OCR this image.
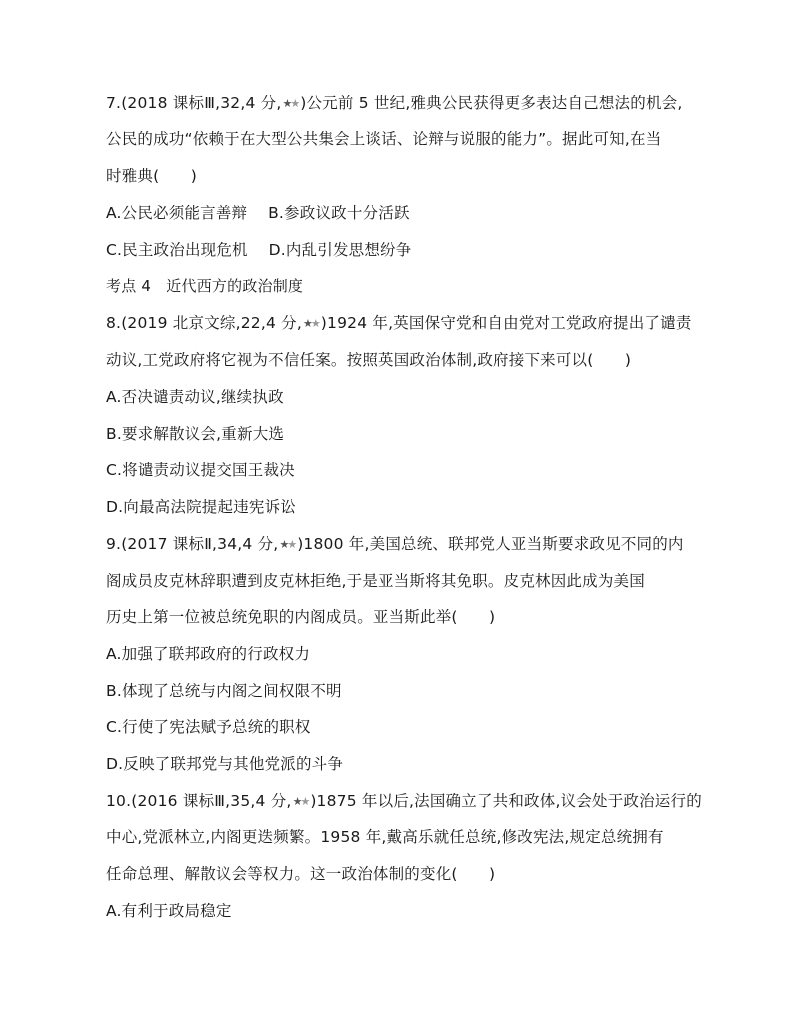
7.(2018 课标Ⅲ,32,4 分,★★ )公元前 5 世纪,雅典公民获得更多表达自己想法的机会,
公民的成功“依赖于在大型公共集会上谈话、论辩与说服的能力”。据此可知,在当
时雅典(　　)
A.公民必须能言善辩　 B.参政议政十分活跃
C.民主政治出现危机　 D.内乱引发思想纷争
考点 4　近代西方的政治制度
8.(2019 北京文综,22,4 分,★★ )1924 年,英国保守党和自由党对工党政府提出了谴责
动议,工党政府将它视为不信任案。按照英国政治体制,政府接下来可以(　　)
A.否决谴责动议,继续执政
B.要求解散议会,重新大选
C.将谴责动议提交国王裁决
D.向最高法院提起违宪诉讼
9.(2017 课标Ⅱ,34,4 分,★★ )1800 年,美国总统、联邦党人亚当斯要求政见不同的内
阁成员皮克林辞职遭到皮克林拒绝,于是亚当斯将其免职。皮克林因此成为美国
历史上第一位被总统免职的内阁成员。亚当斯此举(　　)
A.加强了联邦政府的行政权力
B.体现了总统与内阁之间权限不明
C.行使了宪法赋予总统的职权
D.反映了联邦党与其他党派的斗争
10.(2016 课标Ⅲ,35,4 分,★★ )1875 年以后,法国确立了共和政体,议会处于政治运行的
中心,党派林立,内阁更迭频繁。1958 年,戴高乐就任总统,修改宪法,规定总统拥有
任命总理、解散议会等权力。这一政治体制的变化(　　)
A.有利于政局稳定
